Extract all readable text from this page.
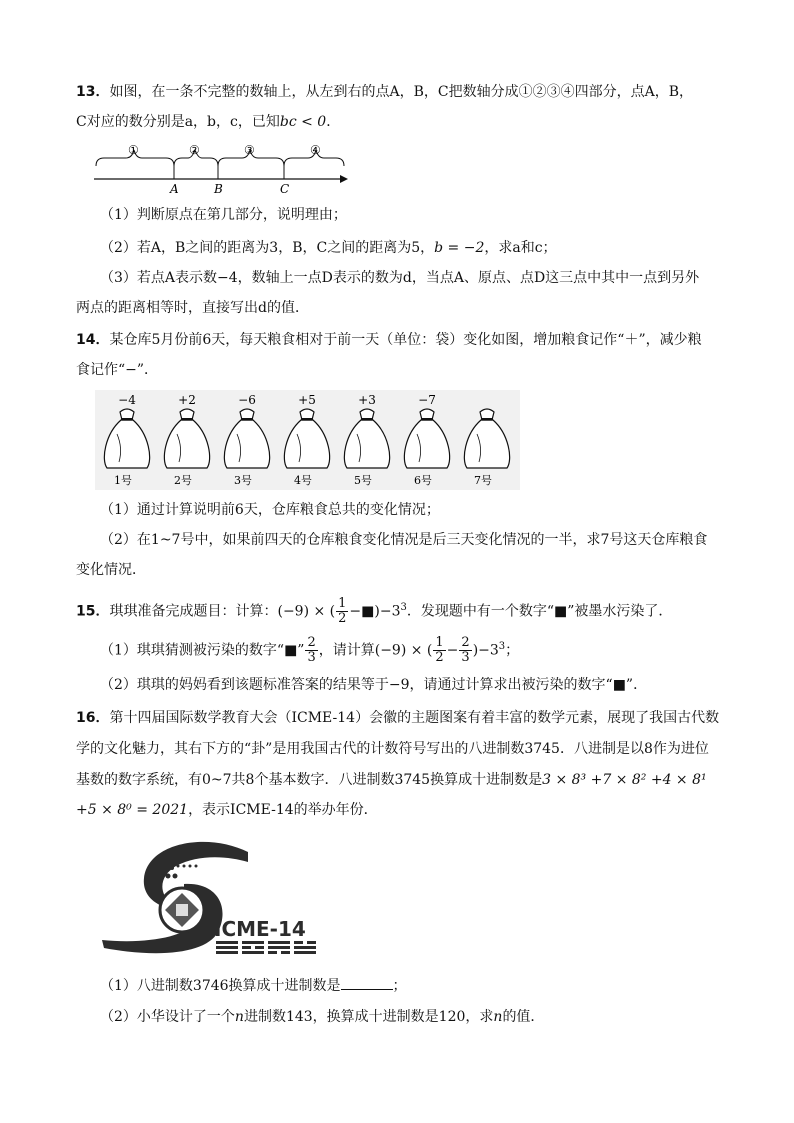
13．如图，在一条不完整的数轴上，从左到右的点A，B，C把数轴分成①②③④四部分，点A，B，
C对应的数分别是a，b，c，已知bc < 0．
①	②	③	④
A	B	C
（1）判断原点在第几部分，说明理由；
（2）若A，B之间的距离为3，B，C之间的距离为5，b = −2，求a和c；
（3）若点A表示数−4，数轴上一点D表示的数为d，当点A、原点、点D这三点中其中一点到另外
两点的距离相等时，直接写出d的值．
14．某仓库5月份前6天，每天粮食相对于前一天（单位：袋）变化如图，增加粮食记作“＋”，减少粮
食记作“−”．
−4
1号
+2
2号
−6
3号
+5
4号
+3
5号
−7
6号	7号
（1）通过计算说明前6天，仓库粮食总共的变化情况；
（2）在1~7号中，如果前四天的仓库粮食变化情况是后三天变化情况的一半，求7号这天仓库粮食
变化情况．
15．琪琪准备完成题目：计算：(−9) × ( $\frac{1}{2}$ $-■)-3^3$．发现题中有一个数字“■”被墨水污染了．
（1）琪琪猜测被污染的数字“■” $\frac{2}{3}$ ，请计算(−9) × ( $\frac{1}{2} - \frac{2}{3} )-3^3$；
（2）琪琪的妈妈看到该题标准答案的结果等于−9，请通过计算求出被污染的数字“■”．
16．第十四届国际数学教育大会（ICME-14）会徽的主题图案有着丰富的数学元素，展现了我国古代数
学的文化魅力，其右下方的“卦”是用我国古代的计数符号写出的八进制数3745．八进制是以8作为进位
基数的数字系统，有0~7共8个基本数字．八进制数3745换算成十进制数是3 × 8³ +7 × 8² +4 × 8¹
+5 × 8⁰ = 2021，表示ICME-14的举办年份．
ICME-14
（1）八进制数3746换算成十进制数是	；
（2）小华设计了一个n进制数143，换算成十进制数是120，求n的值．
